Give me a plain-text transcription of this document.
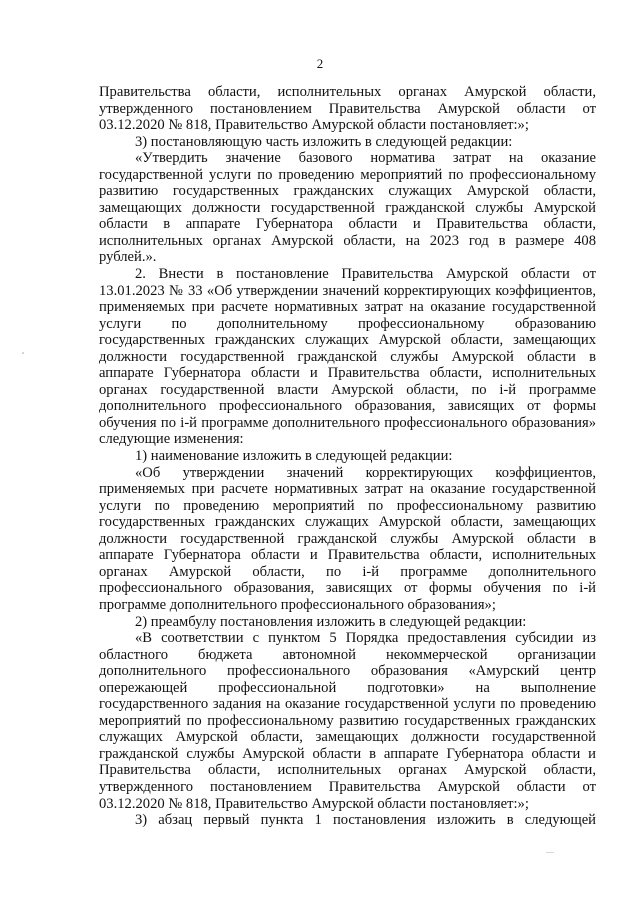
2

Правительства области, исполнительных органах Амурской области, утвержденного постановлением Правительства Амурской области от 03.12.2020 № 818, Правительство Амурской области постановляет:»;

3) постановляющую часть изложить в следующей редакции:

«Утвердить значение базового норматива затрат на оказание государственной услуги по проведению мероприятий по профессиональному развитию государственных гражданских служащих Амурской области, замещающих должности государственной гражданской службы Амурской области в аппарате Губернатора области и Правительства области, исполнительных органах Амурской области, на 2023 год в размере 408 рублей.».

2. Внести в постановление Правительства Амурской области от 13.01.2023 № 33 «Об утверждении значений корректирующих коэффициентов, применяемых при расчете нормативных затрат на оказание государственной услуги по дополнительному профессиональному образованию государственных гражданских служащих Амурской области, замещающих должности государственной гражданской службы Амурской области в аппарате Губернатора области и Правительства области, исполнительных органах государственной власти Амурской области, по i-й программе дополнительного профессионального образования, зависящих от формы обучения по i-й программе дополнительного профессионального образования» следующие изменения:

1) наименование изложить в следующей редакции:

«Об утверждении значений корректирующих коэффициентов, применяемых при расчете нормативных затрат на оказание государственной услуги по проведению мероприятий по профессиональному развитию государственных гражданских служащих Амурской области, замещающих должности государственной гражданской службы Амурской области в аппарате Губернатора области и Правительства области, исполнительных органах Амурской области, по i-й программе дополнительного профессионального образования, зависящих от формы обучения по i-й программе дополнительного профессионального образования»;

2) преамбулу постановления изложить в следующей редакции:

«В соответствии с пунктом 5 Порядка предоставления субсидии из областного бюджета автономной некоммерческой организации дополнительного профессионального образования «Амурский центр опережающей профессиональной подготовки» на выполнение государственного задания на оказание государственной услуги по проведению мероприятий по профессиональному развитию государственных гражданских служащих Амурской области, замещающих должности государственной гражданской службы Амурской области в аппарате Губернатора области и Правительства области, исполнительных органах Амурской области, утвержденного постановлением Правительства Амурской области от 03.12.2020 № 818, Правительство Амурской области постановляет:»;

3) абзац первый пункта 1 постановления изложить в следующей
